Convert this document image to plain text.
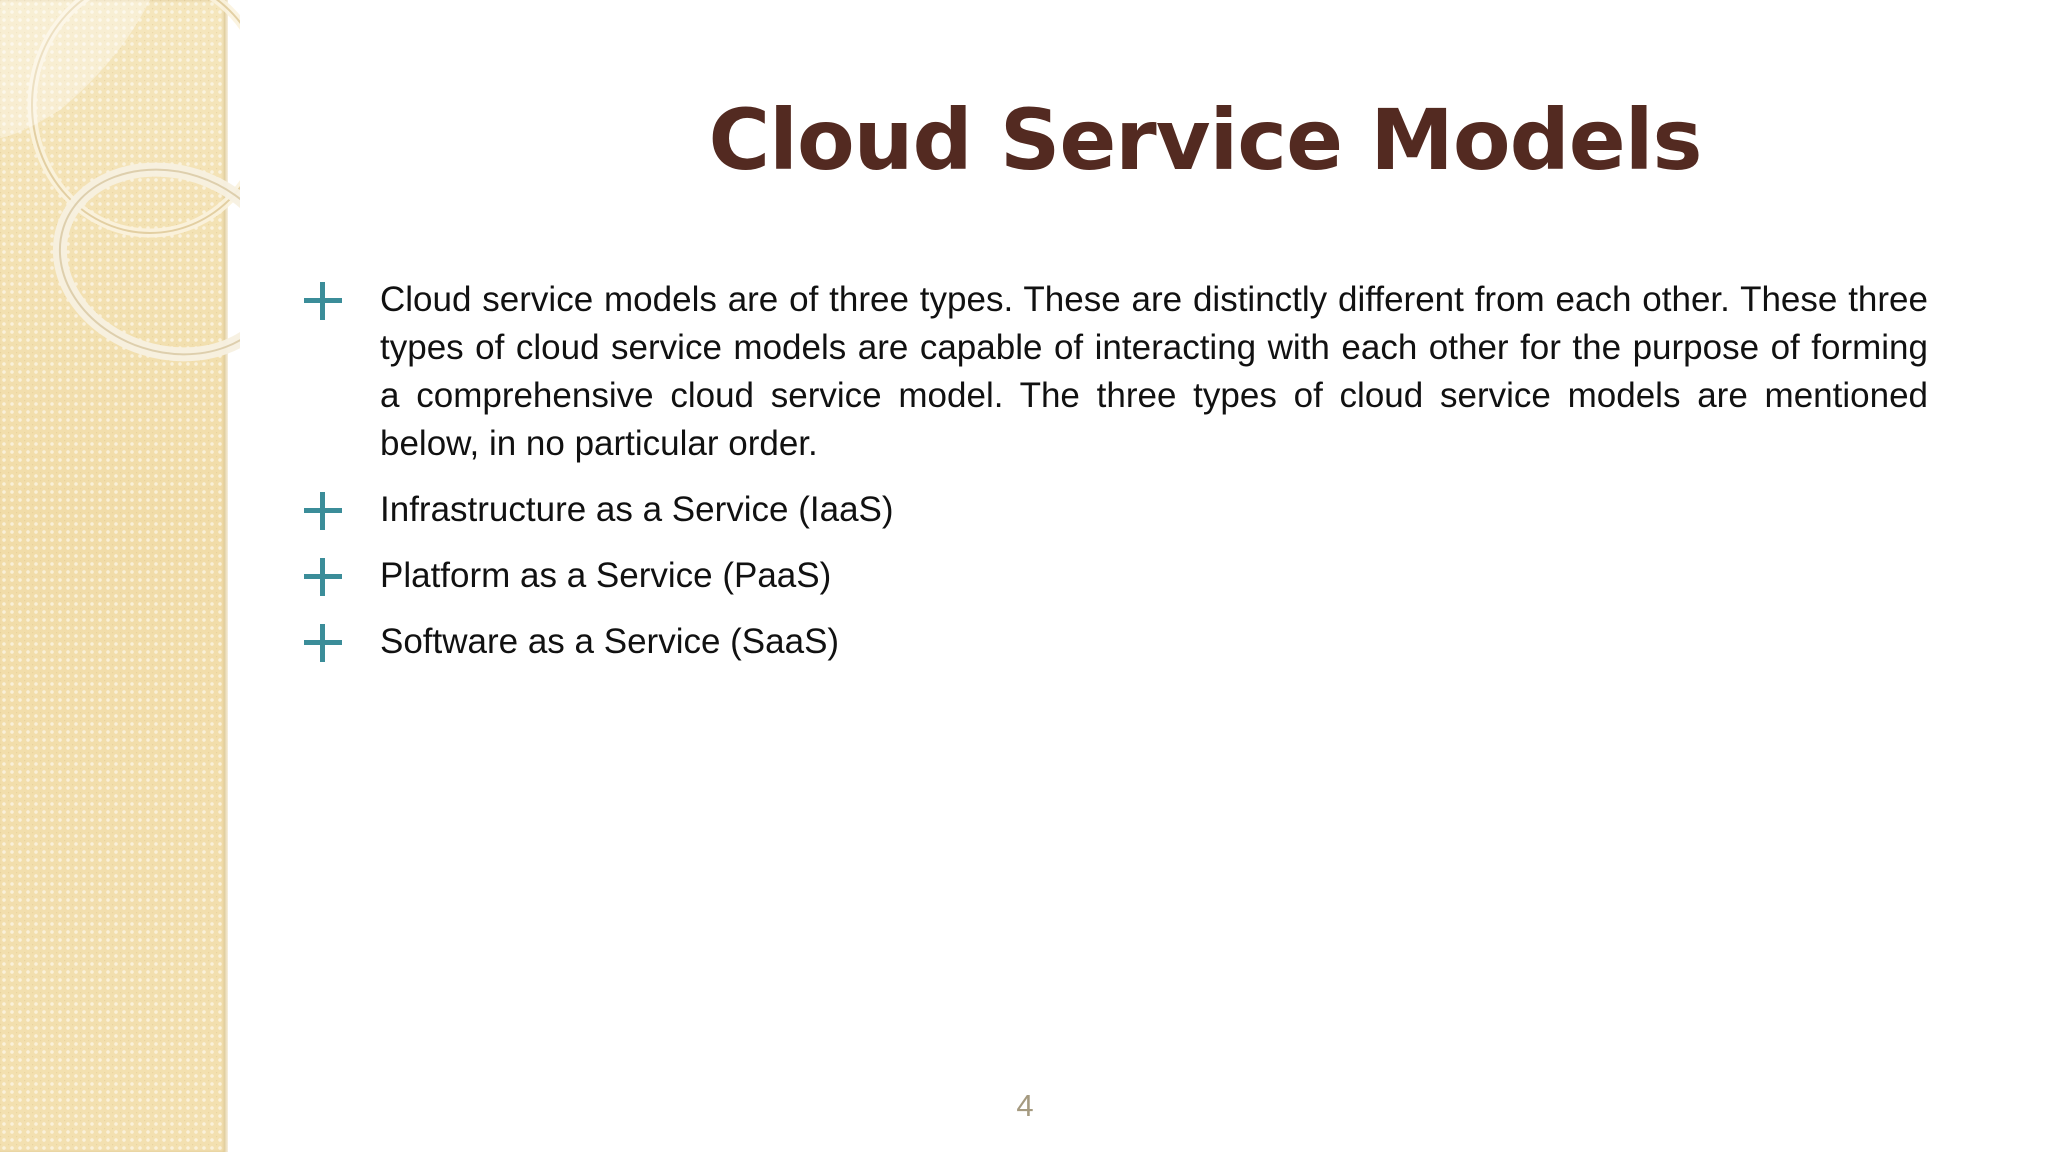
Cloud Service Models
Cloud service models are of three types. These are distinctly different from each other. These three types of cloud service models are capable of interacting with each other for the purpose of forming a comprehensive cloud service model. The three types of cloud service models are mentioned below, in no particular order.
Infrastructure as a Service (IaaS)
Platform as a Service (PaaS)
Software as a Service (SaaS)
4
